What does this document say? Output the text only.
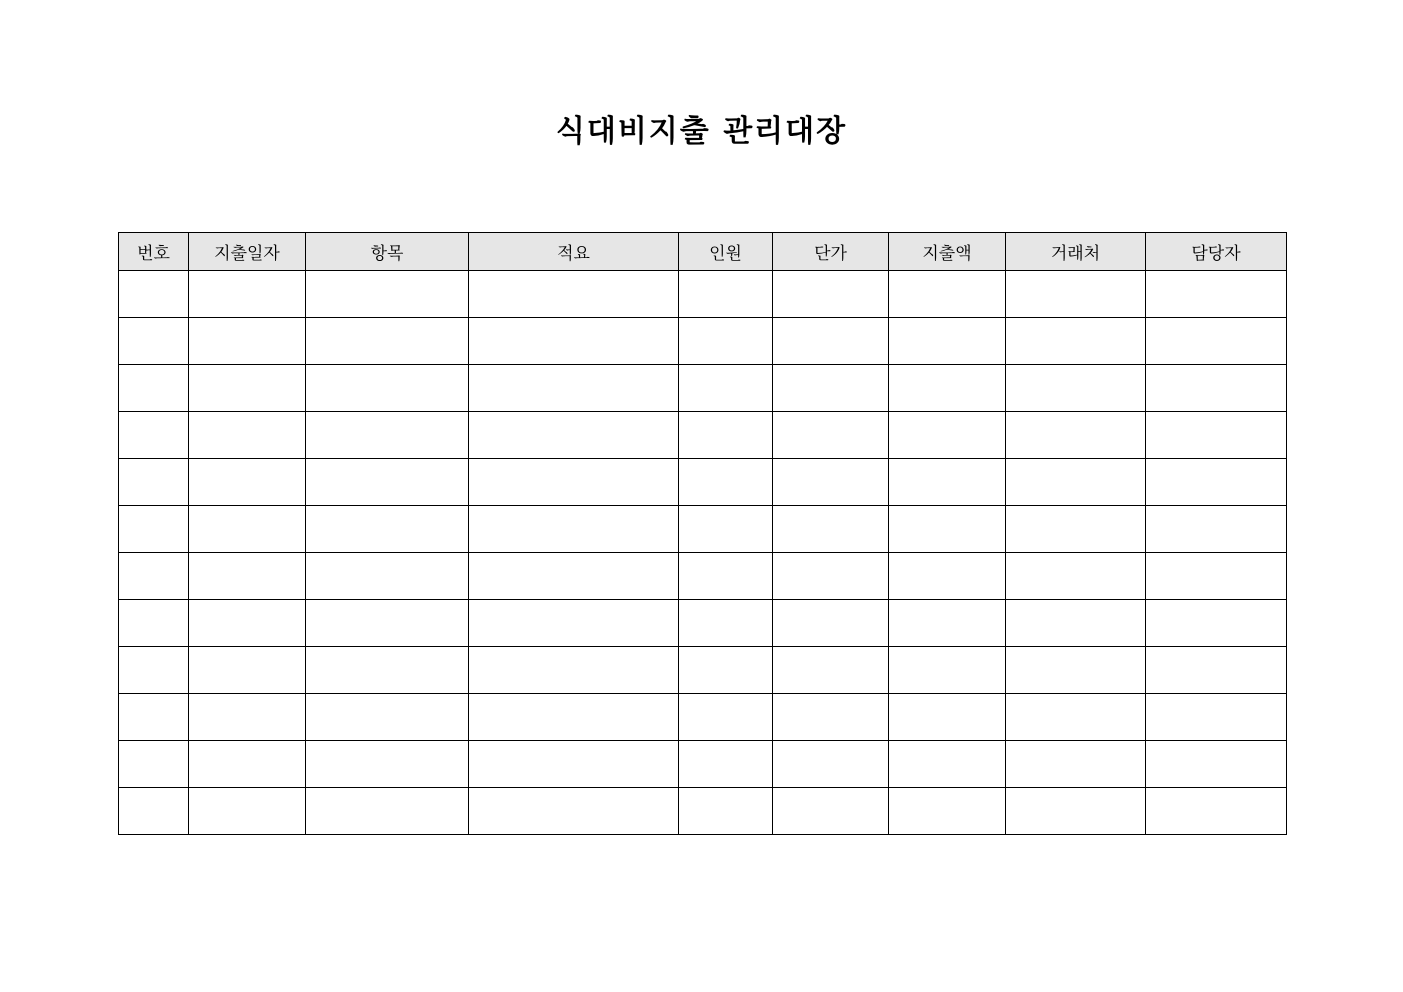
식대비지출 관리대장
번호	지출일자	항목	적요	인원	단가	지출액	거래처	담당자
